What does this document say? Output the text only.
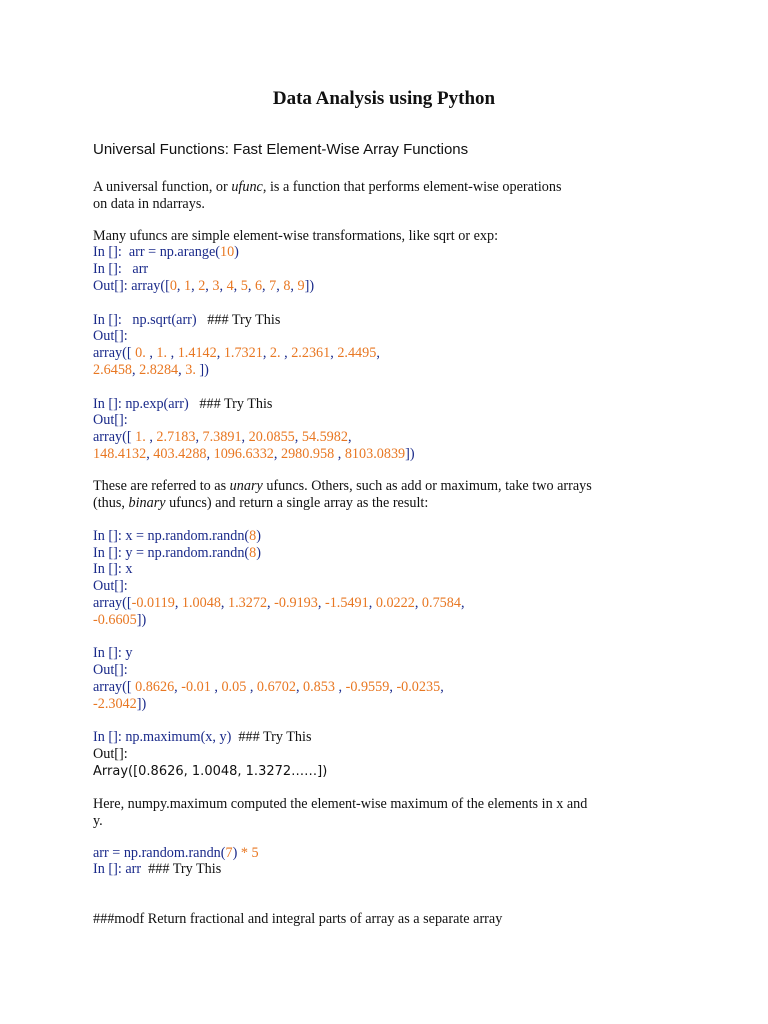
Data Analysis using Python
Universal Functions: Fast Element-Wise Array Functions
A universal function, or ufunc, is a function that performs element-wise operations
on data in ndarrays.
Many ufuncs are simple element-wise transformations, like sqrt or exp:
In []: arr = np.arange(10)
In []: arr
Out[]: array([0, 1, 2, 3, 4, 5, 6, 7, 8, 9])
In []: np.sqrt(arr) ### Try This
Out[]:
array([ 0. , 1. , 1.4142, 1.7321, 2. , 2.2361, 2.4495,
2.6458, 2.8284, 3. ])
In []: np.exp(arr) ### Try This
Out[]:
array([ 1. , 2.7183, 7.3891, 20.0855, 54.5982,
148.4132, 403.4288, 1096.6332, 2980.958 , 8103.0839])
These are referred to as unary ufuncs. Others, such as add or maximum, take two arrays
(thus, binary ufuncs) and return a single array as the result:
In []: x = np.random.randn(8)
In []: y = np.random.randn(8)
In []: x
Out[]:
array([-0.0119, 1.0048, 1.3272, -0.9193, -1.5491, 0.0222, 0.7584,
-0.6605])
In []: y
Out[]:
array([ 0.8626, -0.01 , 0.05 , 0.6702, 0.853 , -0.9559, -0.0235,
-2.3042])
In []: np.maximum(x, y) ### Try This
Out[]:
Array([0.8626, 1.0048, 1.3272……])
Here, numpy.maximum computed the element-wise maximum of the elements in x and
y.
arr = np.random.randn(7) * 5
In []: arr ### Try This
###modf Return fractional and integral parts of array as a separate array
